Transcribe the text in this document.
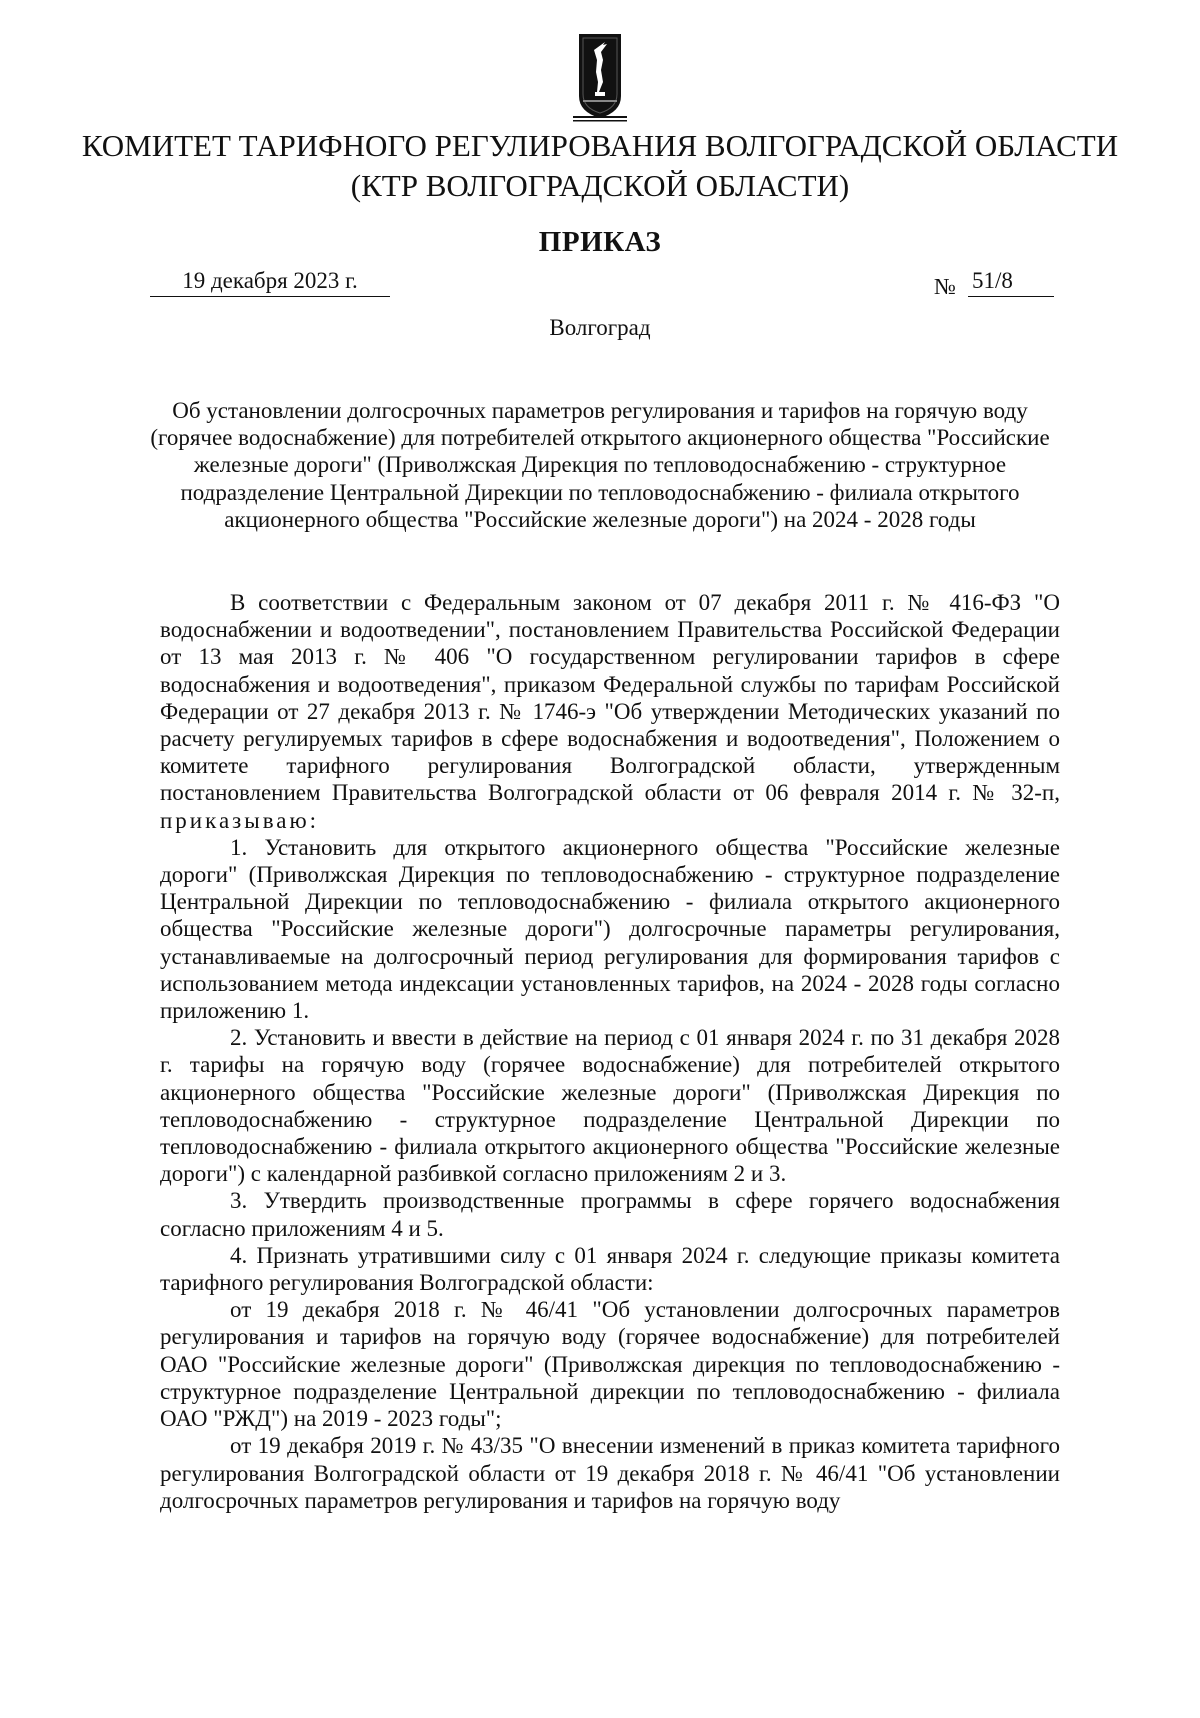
КОМИТЕТ ТАРИФНОГО РЕГУЛИРОВАНИЯ ВОЛГОГРАДСКОЙ ОБЛАСТИ
(КТР ВОЛГОГРАДСКОЙ ОБЛАСТИ)
ПРИКАЗ
19 декабря 2023 г.	№ 51/8
Волгоград

Об установлении долгосрочных параметров регулирования и тарифов на горячую воду (горячее водоснабжение) для потребителей открытого акционерного общества "Российские железные дороги" (Приволжская Дирекция по тепловодоснабжению - структурное подразделение Центральной Дирекции по тепловодоснабжению - филиала открытого акционерного общества "Российские железные дороги") на 2024 - 2028 годы

В соответствии с Федеральным законом от 07 декабря 2011 г. № 416-ФЗ "О водоснабжении и водоотведении", постановлением Правительства Российской Федерации от 13 мая 2013 г. № 406 "О государственном регулировании тарифов в сфере водоснабжения и водоотведения", приказом Федеральной службы по тарифам Российской Федерации от 27 декабря 2013 г. № 1746-э "Об утверждении Методических указаний по расчету регулируемых тарифов в сфере водоснабжения и водоотведения", Положением о комитете тарифного регулирования Волгоградской области, утвержденным постановлением Правительства Волгоградской области от 06 февраля 2014 г. № 32-п, приказываю:

1. Установить для открытого акционерного общества "Российские железные дороги" (Приволжская Дирекция по тепловодоснабжению - структурное подразделение Центральной Дирекции по тепловодоснабжению - филиала открытого акционерного общества "Российские железные дороги") долгосрочные параметры регулирования, устанавливаемые на долгосрочный период регулирования для формирования тарифов с использованием метода индексации установленных тарифов, на 2024 - 2028 годы согласно приложению 1.

2. Установить и ввести в действие на период с 01 января 2024 г. по 31 декабря 2028 г. тарифы на горячую воду (горячее водоснабжение) для потребителей открытого акционерного общества "Российские железные дороги" (Приволжская Дирекция по тепловодоснабжению - структурное подразделение Центральной Дирекции по тепловодоснабжению - филиала открытого акционерного общества "Российские железные дороги") с календарной разбивкой согласно приложениям 2 и 3.

3. Утвердить производственные программы в сфере горячего водоснабжения согласно приложениям 4 и 5.

4. Признать утратившими силу с 01 января 2024 г. следующие приказы комитета тарифного регулирования Волгоградской области:

от 19 декабря 2018 г. № 46/41 "Об установлении долгосрочных параметров регулирования и тарифов на горячую воду (горячее водоснабжение) для потребителей ОАО "Российские железные дороги" (Приволжская дирекция по тепловодоснабжению - структурное подразделение Центральной дирекции по тепловодоснабжению - филиала ОАО "РЖД") на 2019 - 2023 годы";

от 19 декабря 2019 г. № 43/35 "О внесении изменений в приказ комитета тарифного регулирования Волгоградской области от 19 декабря 2018 г. № 46/41 "Об установлении долгосрочных параметров регулирования и тарифов на горячую воду
